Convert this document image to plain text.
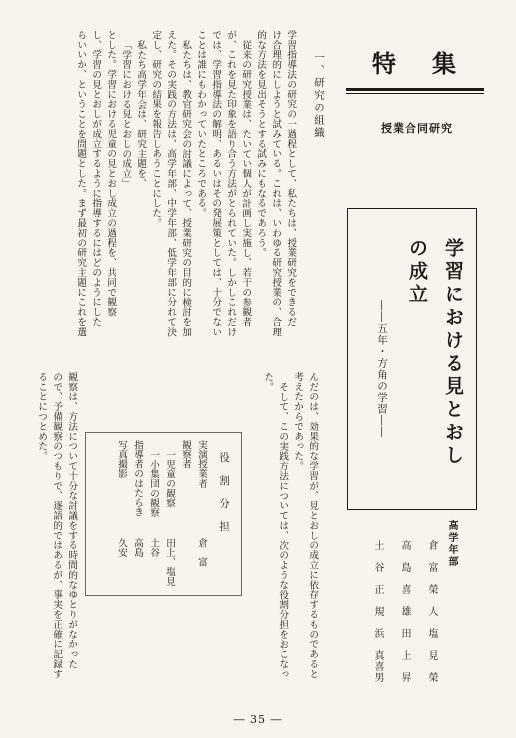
特　集
授業合同研究
学習における見とおし
の成立
――五年・方角の学習――
高学年部
倉　富　榮　人　塩　見　榮
高　島　喜　雄　田　上　昇
土　谷　正　規　浜　真喜男
一、研究の組織
学習指導法の研究の一過程として、私たちは、授業研究をできるだ
け合理的にしようと試みている。これは、いわゆる研究授業の、合理
的な方法を見出そうとする試みにもなるであろう。
従来の研究授業は、たいてい個人が計画し実施し、若干の参観者
が、これを見た印象を語り合う方法がとられていた。しかしこれだけ
では、学習指導法の解明、あるいはその発展策としては、十分でない
ことは誰にもわかっていたところである。
私たちは、教官研究会の討議によって、授業研究の目的に検討を加
えた。その実践の方法は、高学年部、中学年部、低学年部に分れて決
定し、研究の結果を報告しあうことにした。
私たち高学年会は、研究主題を、
「学習における見とおしの成立」
とした。学習における児童の見とおし成立の過程を、共同で観察
し、学習の見とおしが成立するように指導するにはどのようにした
らいいか、ということを問題とした。まず最初の研究主題にこれを選
んだのは、効果的な学習が、見とおしの成立に依存するものであると
考えたからであった。
そして、この実践方法については、次のような役割分担をおこなっ
た。
役　割　分　担
実演授業者
倉　富
観察者
一児童の観察
田上、塩見
一小集団の観察
土谷
指導者のはたらき
高島
写真撮影
久安
観察は、方法について十分な討議をする時間的なゆとりがなかった
ので、予備観察のつもりで、逐語的ではあるが、事実を正確に記録す
ることにつとめた。
― 35 ―
